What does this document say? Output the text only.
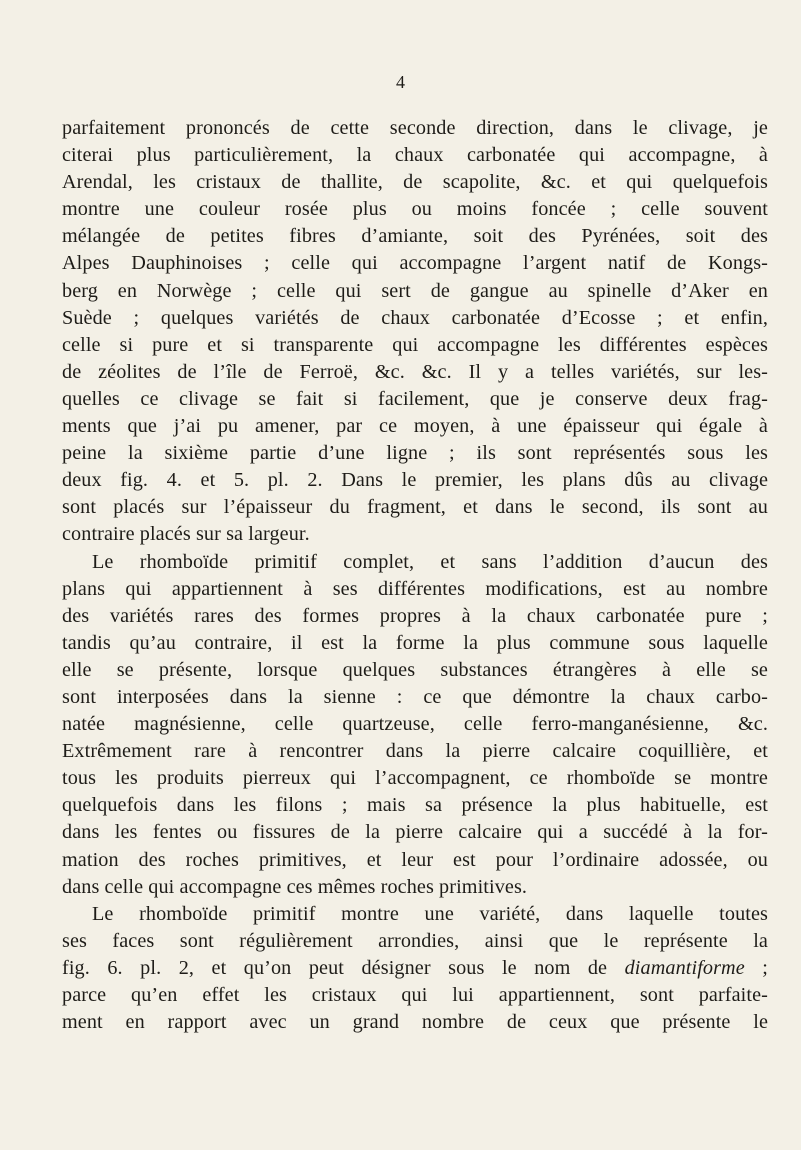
4
parfaitement prononcés de cette seconde direction, dans le clivage, je
citerai plus particulièrement, la chaux carbonatée qui accompagne, à
Arendal, les cristaux de thallite, de scapolite, &c. et qui quelquefois
montre une couleur rosée plus ou moins foncée ; celle souvent
mélangée de petites fibres d’amiante, soit des Pyrénées, soit des
Alpes Dauphinoises ; celle qui accompagne l’argent natif de Kongs-
berg en Norwège ; celle qui sert de gangue au spinelle d’Aker en
Suède ; quelques variétés de chaux carbonatée d’Ecosse ; et enfin,
celle si pure et si transparente qui accompagne les différentes espèces
de zéolites de l’île de Ferroë, &c. &c. Il y a telles variétés, sur les-
quelles ce clivage se fait si facilement, que je conserve deux frag-
ments que j’ai pu amener, par ce moyen, à une épaisseur qui égale à
peine la sixième partie d’une ligne ; ils sont représentés sous les
deux fig. 4. et 5. pl. 2. Dans le premier, les plans dûs au clivage
sont placés sur l’épaisseur du fragment, et dans le second, ils sont au
contraire placés sur sa largeur.
Le rhomboïde primitif complet, et sans l’addition d’aucun des
plans qui appartiennent à ses différentes modifications, est au nombre
des variétés rares des formes propres à la chaux carbonatée pure ;
tandis qu’au contraire, il est la forme la plus commune sous laquelle
elle se présente, lorsque quelques substances étrangères à elle se
sont interposées dans la sienne : ce que démontre la chaux carbo-
natée magnésienne, celle quartzeuse, celle ferro-manganésienne, &c.
Extrêmement rare à rencontrer dans la pierre calcaire coquillière, et
tous les produits pierreux qui l’accompagnent, ce rhomboïde se montre
quelquefois dans les filons ; mais sa présence la plus habituelle, est
dans les fentes ou fissures de la pierre calcaire qui a succédé à la for-
mation des roches primitives, et leur est pour l’ordinaire adossée, ou
dans celle qui accompagne ces mêmes roches primitives.
Le rhomboïde primitif montre une variété, dans laquelle toutes
ses faces sont régulièrement arrondies, ainsi que le représente la
fig. 6. pl. 2, et qu’on peut désigner sous le nom de diamantiforme ;
parce qu’en effet les cristaux qui lui appartiennent, sont parfaite-
ment en rapport avec un grand nombre de ceux que présente le
